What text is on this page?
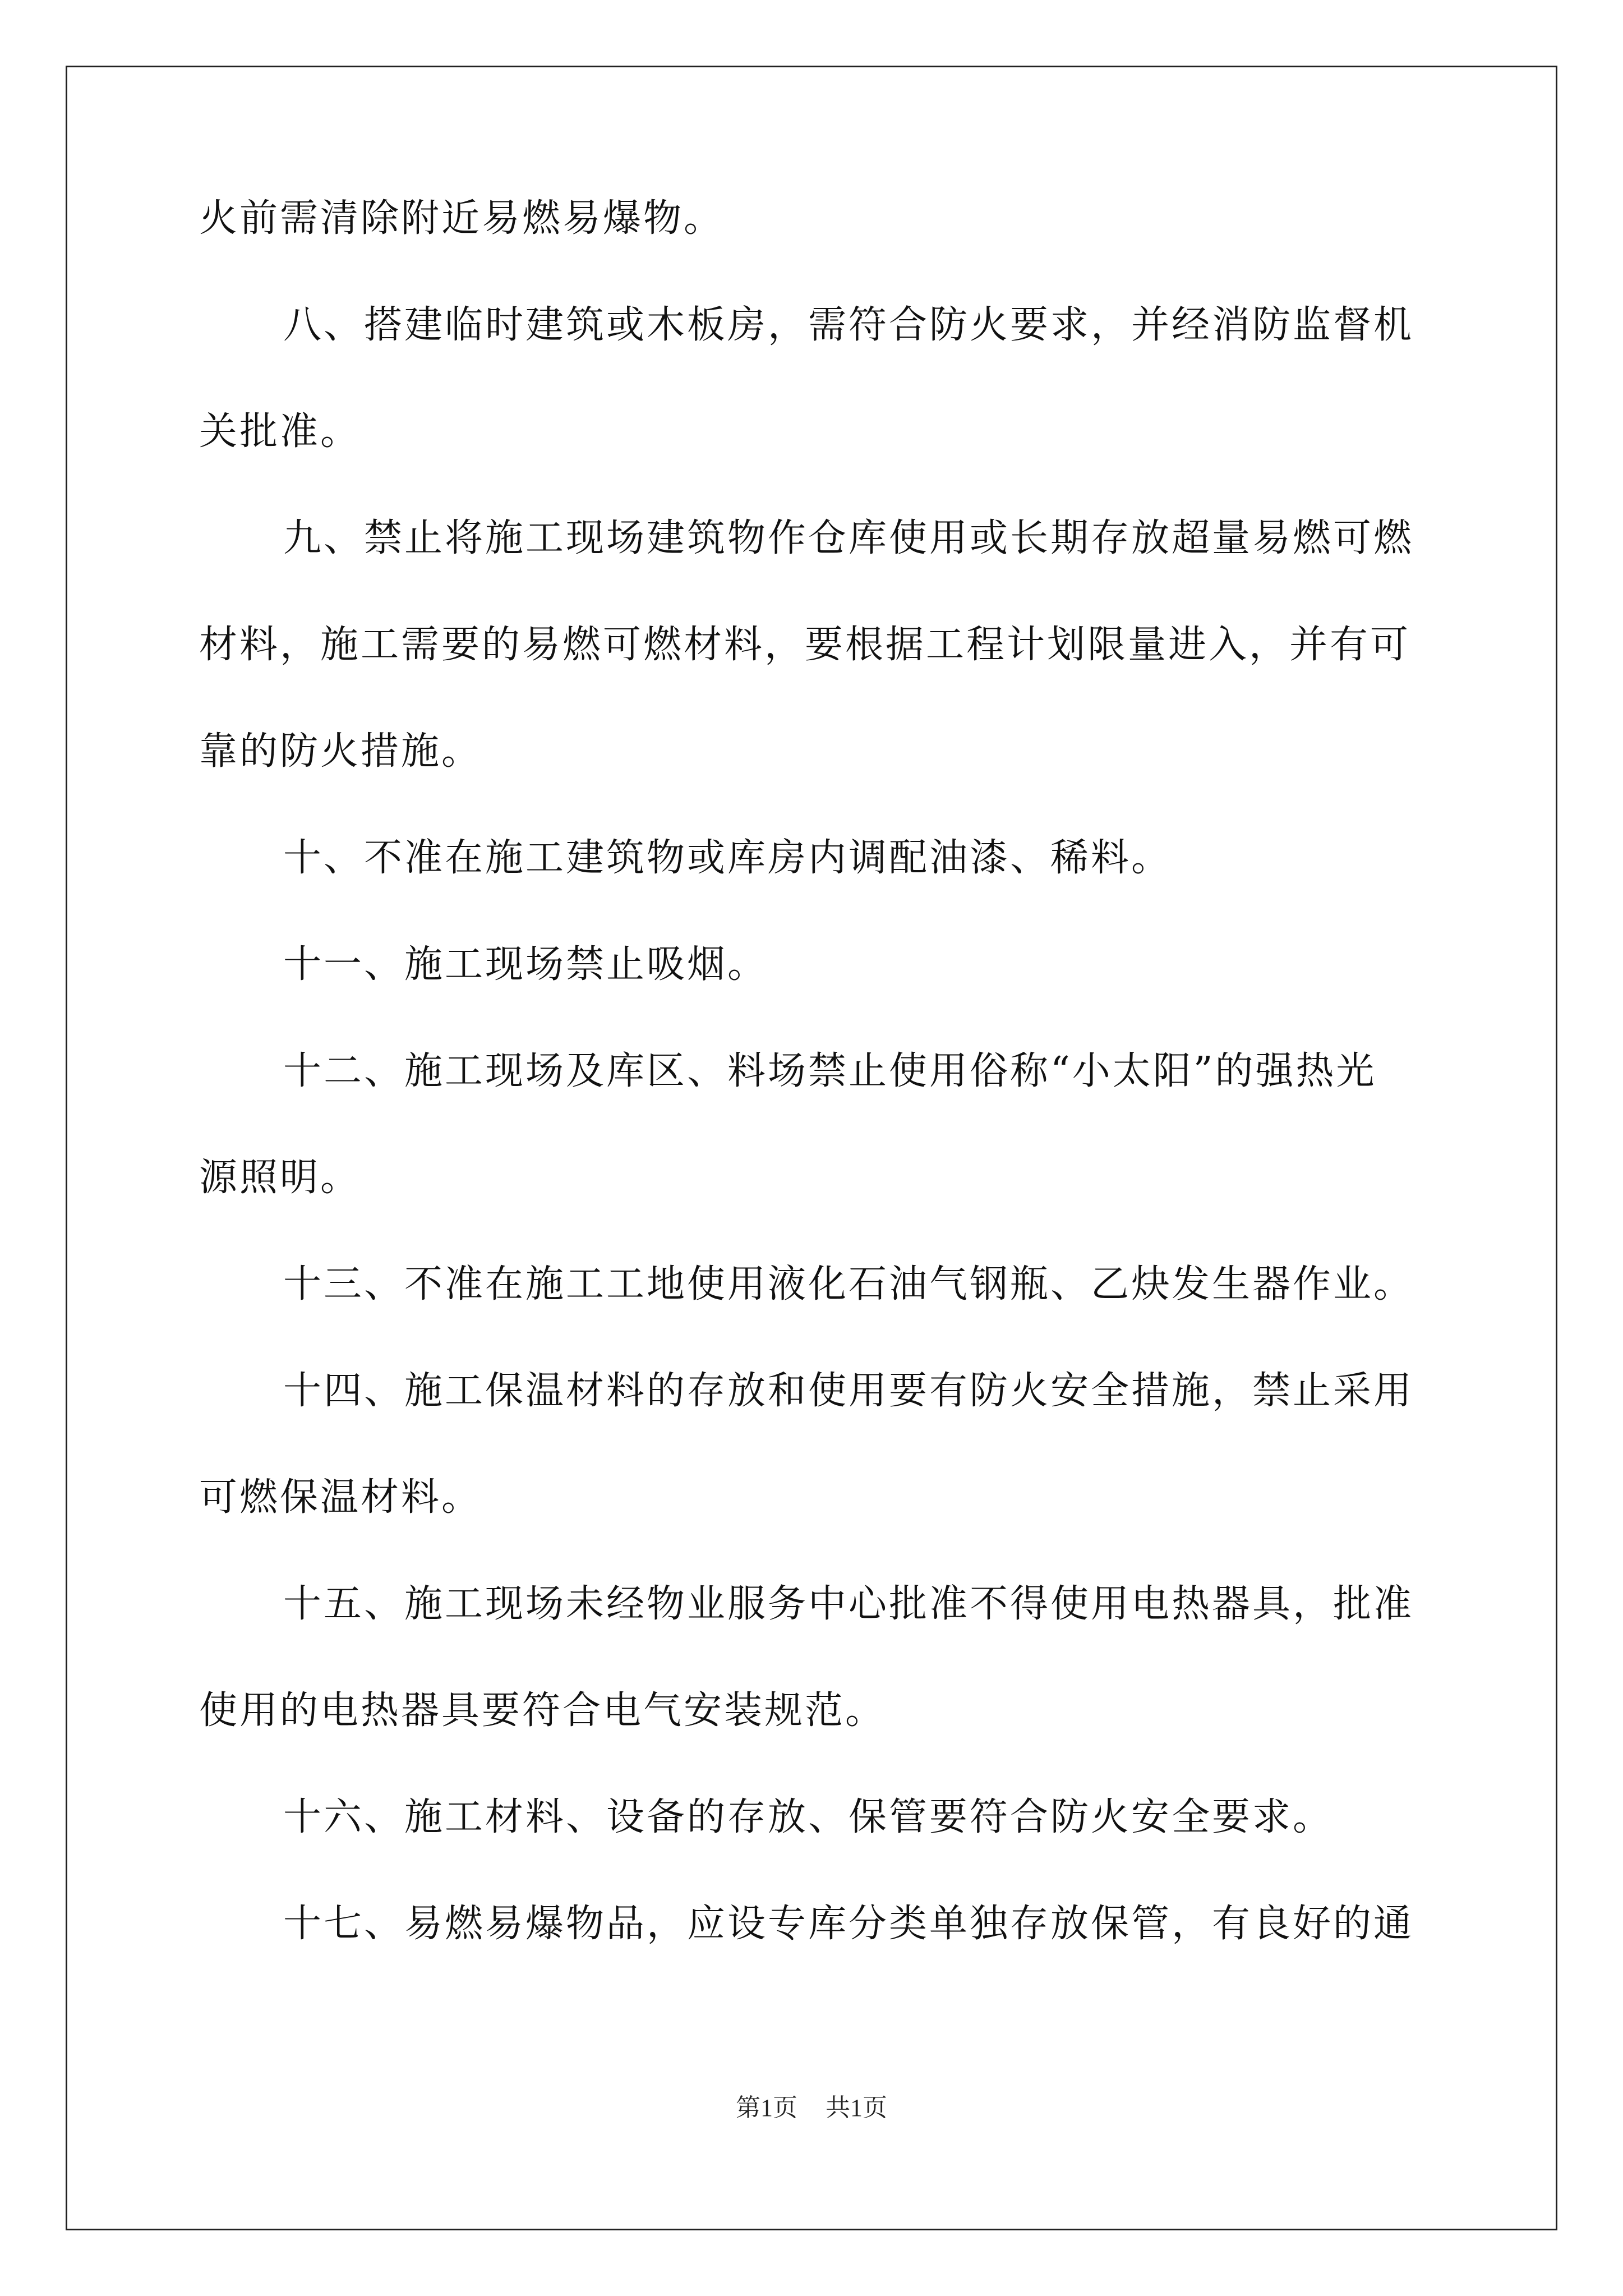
火前需清除附近易燃易爆物。
八、搭建临时建筑或木板房，需符合防火要求，并经消防监督机
关批准。
九、禁止将施工现场建筑物作仓库使用或长期存放超量易燃可燃
材料，施工需要的易燃可燃材料，要根据工程计划限量进入，并有可
靠的防火措施。
十、不准在施工建筑物或库房内调配油漆、稀料。
十一、施工现场禁止吸烟。
十二、施工现场及库区、料场禁止使用俗称“小太阳”的强热光
源照明。
十三、不准在施工工地使用液化石油气钢瓶、乙炔发生器作业。
十四、施工保温材料的存放和使用要有防火安全措施，禁止采用
可燃保温材料。
十五、施工现场未经物业服务中心批准不得使用电热器具，批准
使用的电热器具要符合电气安装规范。
十六、施工材料、设备的存放、保管要符合防火安全要求。
十七、易燃易爆物品，应设专库分类单独存放保管，有良好的通
第1页 共1页
